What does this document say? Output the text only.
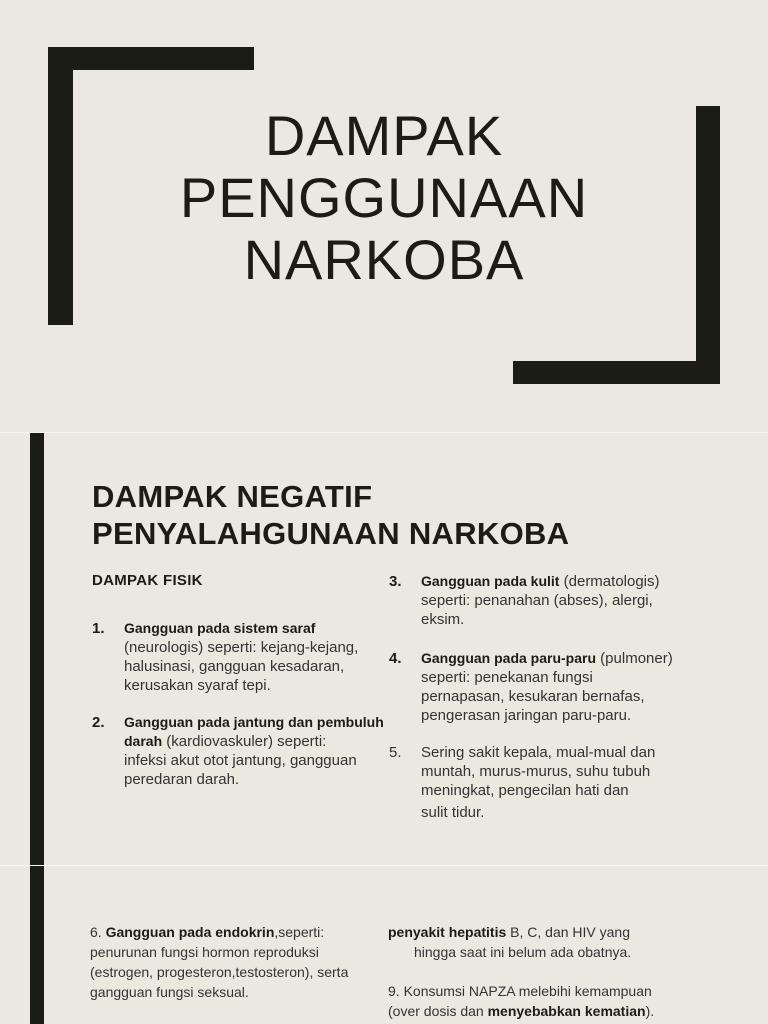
DAMPAK
PENGGUNAAN
NARKOBA
DAMPAK NEGATIF
PENYALAHGUNAAN NARKOBA
DAMPAK FISIK
1. Gangguan pada sistem saraf
(neurologis) seperti: kejang-kejang,
halusinasi, gangguan kesadaran,
kerusakan syaraf tepi.
2. Gangguan pada jantung dan pembuluh
darah (kardiovaskuler) seperti:
infeksi akut otot jantung, gangguan
peredaran darah.
3. Gangguan pada kulit (dermatologis)
seperti: penanahan (abses), alergi,
eksim.
4. Gangguan pada paru-paru (pulmoner)
seperti: penekanan fungsi
pernapasan, kesukaran bernafas,
pengerasan jaringan paru-paru.
5. Sering sakit kepala, mual-mual dan
muntah, murus-murus, suhu tubuh
meningkat, pengecilan hati dan
sulit tidur.
6. Gangguan pada endokrin,seperti:
penurunan fungsi hormon reproduksi
(estrogen, progesteron,testosteron), serta
gangguan fungsi seksual.
penyakit hepatitis B, C, dan HIV yang
hingga saat ini belum ada obatnya.
9. Konsumsi NAPZA melebihi kemampuan
(over dosis dan menyebabkan kematian).
